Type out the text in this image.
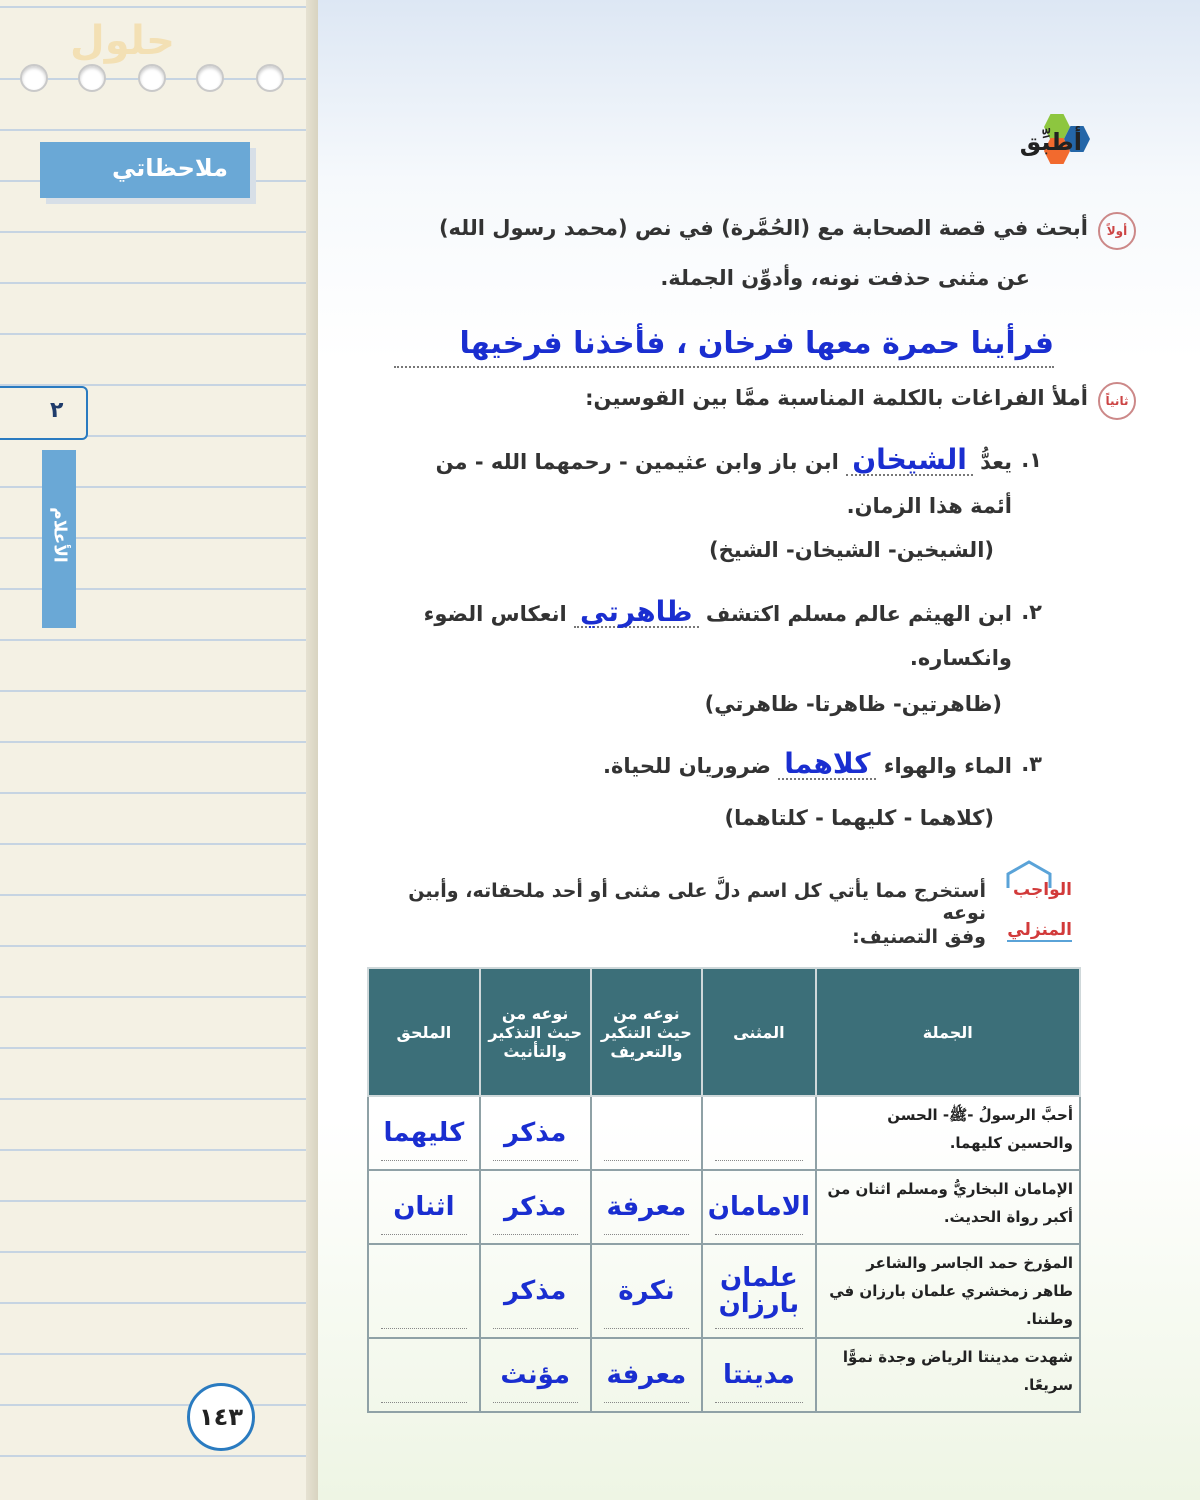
حلول
ملاحظاتي
٢
الأعلام
١٤٣
أطبِّق
أولاً
أبحث في قصة الصحابة مع (الحُمَّرة) في نص (محمد رسول الله)
عن مثنى حذفت نونه، وأدوِّن الجملة.
فرأينا حمرة معها فرخان ، فأخذنا فرخيها
ثانياً
أملأ الفراغات بالكلمة المناسبة ممَّا بين القوسين:
١.
يعدُّ الشيخان ابن باز وابن عثيمين - رحمهما الله - من
أئمة هذا الزمان.
(الشيخين- الشيخان- الشيخ)
٢.
ابن الهيثم عالم مسلم اكتشف ظاهرتي انعكاس الضوء
وانكساره.
(ظاهرتين- ظاهرتا- ظاهرتي)
٣.
الماء والهواء كلاهما ضروريان للحياة.
(كلاهما - كليهما - كلتاهما)
الواجب
المنزلي
أستخرج مما يأتي كل اسم دلَّ على مثنى أو أحد ملحقاته، وأبين نوعه
وفق التصنيف:
الجملة	المثنى	نوعه من حيث التنكير والتعريف	نوعه من حيث التذكير والتأنيث	الملحق
أحبَّ الرسولُ -ﷺ- الحسن والحسين كليهما.			مذكر	كليهما
الإمامان البخاريُّ ومسلم اثنان من أكبر رواة الحديث.	الامامان	معرفة	مذكر	اثنان
المؤرخ حمد الجاسر والشاعر طاهر زمخشري علمان بارزان في وطننا.	علمان بارزان	نكرة	مذكر	
شهدت مدينتا الرياض وجدة نموًّا سريعًا.	مدينتا	معرفة	مؤنث	
